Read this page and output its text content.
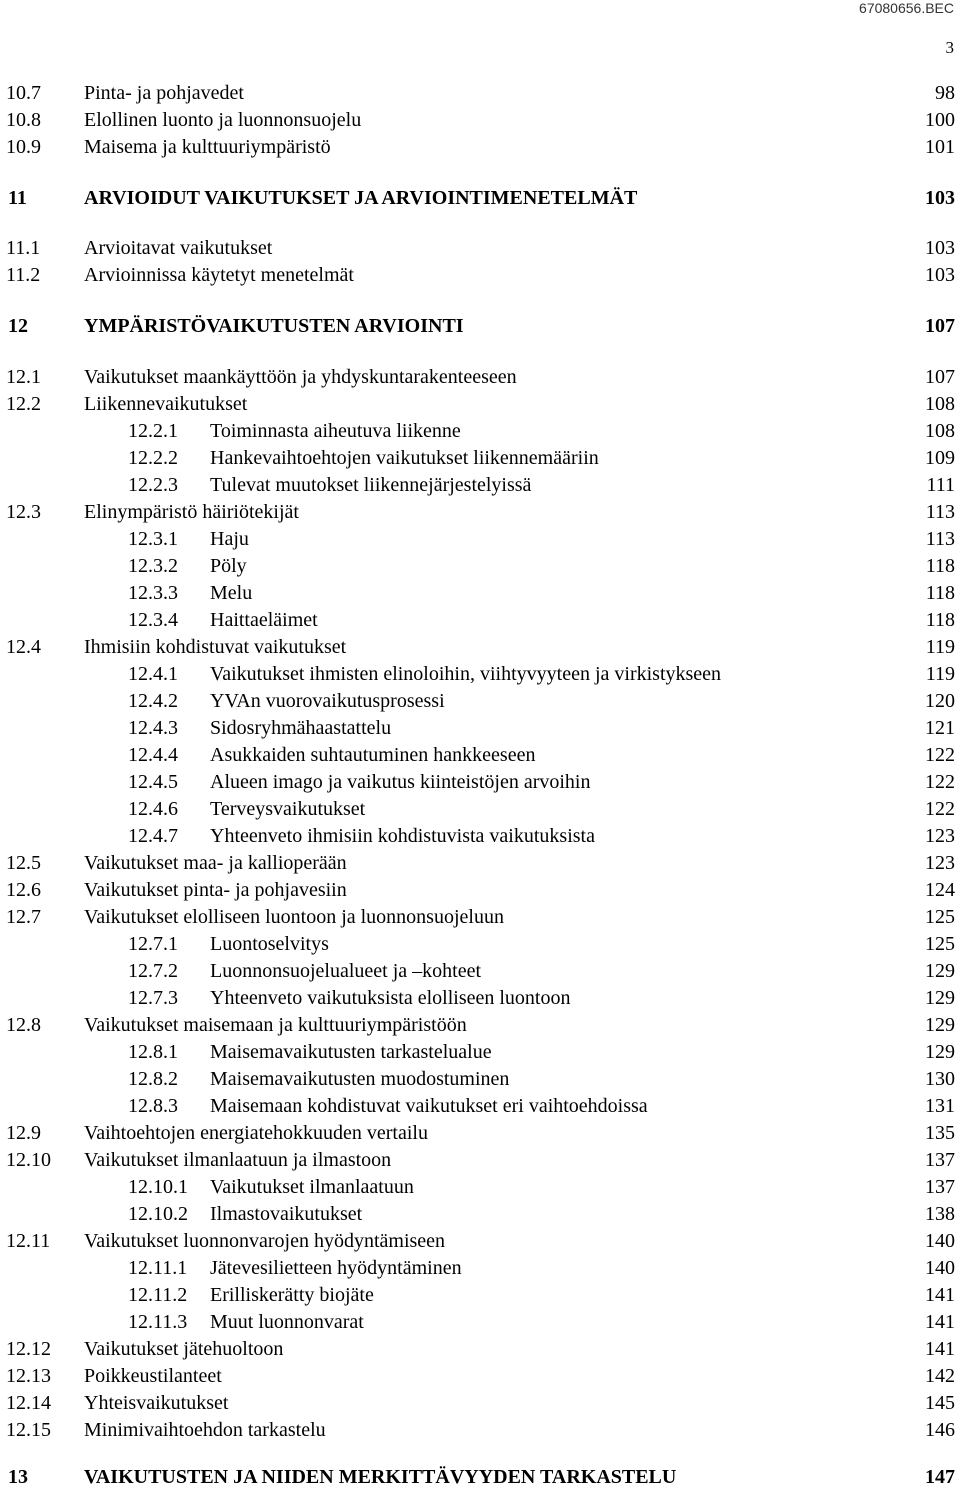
67080656.BEC
3
10.7 Pinta- ja pohjavedet	98
10.8 Elollinen luonto ja luonnonsuojelu	100
10.9 Maisema ja kulttuuriympäristö	101
11	ARVIOIDUT VAIKUTUKSET JA ARVIOINTIMENETELMÄT	103
11.1 Arvioitavat vaikutukset	103
11.2 Arvioinnissa käytetyt menetelmät	103
12	YMPÄRISTÖVAIKUTUSTEN ARVIOINTI	107
12.1 Vaikutukset maankäyttöön ja yhdyskuntarakenteeseen	107
12.2 Liikennevaikutukset	108
12.2.1 Toiminnasta aiheutuva liikenne	108
12.2.2 Hankevaihtoehtojen vaikutukset liikennemääriin	109
12.2.3 Tulevat muutokset liikennejärjestelyissä	111
12.3 Elinympäristö häiriötekijät	113
12.3.1 Haju	113
12.3.2 Pöly	118
12.3.3 Melu	118
12.3.4 Haittaeläimet	118
12.4 Ihmisiin kohdistuvat vaikutukset	119
12.4.1 Vaikutukset ihmisten elinoloihin, viihtyvyyteen ja virkistykseen	119
12.4.2 YVAn vuorovaikutusprosessi	120
12.4.3 Sidosryhmähaastattelu	121
12.4.4 Asukkaiden suhtautuminen hankkeeseen	122
12.4.5 Alueen imago ja vaikutus kiinteistöjen arvoihin	122
12.4.6 Terveysvaikutukset	122
12.4.7 Yhteenveto ihmisiin kohdistuvista vaikutuksista	123
12.5 Vaikutukset maa- ja kallioperään	123
12.6 Vaikutukset pinta- ja pohjavesiin	124
12.7 Vaikutukset elolliseen luontoon ja luonnonsuojeluun	125
12.7.1 Luontoselvitys	125
12.7.2 Luonnonsuojelualueet ja –kohteet	129
12.7.3 Yhteenveto vaikutuksista elolliseen luontoon	129
12.8 Vaikutukset maisemaan ja kulttuuriympäristöön	129
12.8.1 Maisemavaikutusten tarkastelualue	129
12.8.2 Maisemavaikutusten muodostuminen	130
12.8.3 Maisemaan kohdistuvat vaikutukset eri vaihtoehdoissa	131
12.9 Vaihtoehtojen energiatehokkuuden vertailu	135
12.10 Vaikutukset ilmanlaatuun ja ilmastoon	137
12.10.1 Vaikutukset ilmanlaatuun	137
12.10.2 Ilmastovaikutukset	138
12.11 Vaikutukset luonnonvarojen hyödyntämiseen	140
12.11.1 Jätevesilietteen hyödyntäminen	140
12.11.2 Erilliskerätty biojäte	141
12.11.3 Muut luonnonvarat	141
12.12 Vaikutukset jätehuoltoon	141
12.13 Poikkeustilanteet	142
12.14 Yhteisvaikutukset	145
12.15 Minimivaihtoehdon tarkastelu	146
13	VAIKUTUSTEN JA NIIDEN MERKITTÄVYYDEN TARKASTELU	147
